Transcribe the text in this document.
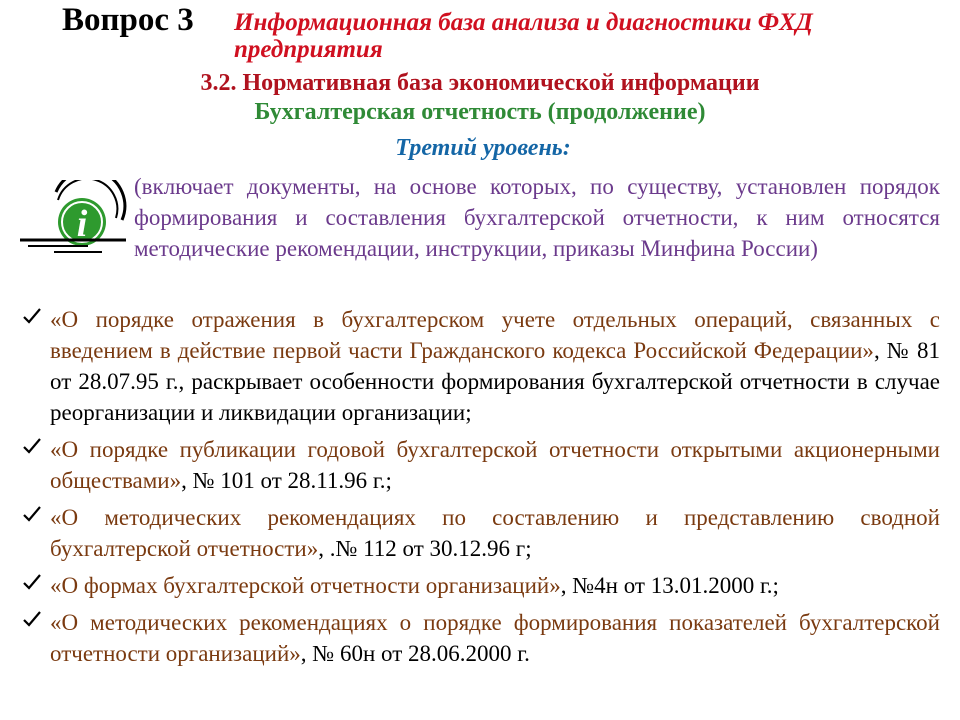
Вопрос 3 Информационная база анализа и диагностики ФХД
предприятия
3.2. Нормативная база экономической информации
Бухгалтерская отчетность (продолжение)
Третий уровень:
i
(включает документы, на основе которых, по существу, установлен порядок формирования и составления бухгалтерской отчетности, к ним относятся методические рекомендации, инструкции, приказы Минфина России)
«О порядке отражения в бухгалтерском учете отдельных операций, связанных с введением в действие первой части Гражданского кодекса Российской Федерации», № 81 от 28.07.95 г., раскрывает особенности формирования бухгалтерской отчетности в случае реорганизации и ликвидации организации;
«О порядке публикации годовой бухгалтерской отчетности открытыми акционерными обществами», № 101 от 28.11.96 г.;
«О методических рекомендациях по составлению и представлению сводной бухгалтерской отчетности», .№ 112 от 30.12.96 г;
«О формах бухгалтерской отчетности организаций», №4н от 13.01.2000 г.;
«О методических рекомендациях о порядке формирования показателей бухгалтерской отчетности организаций», № 60н от 28.06.2000 г.
